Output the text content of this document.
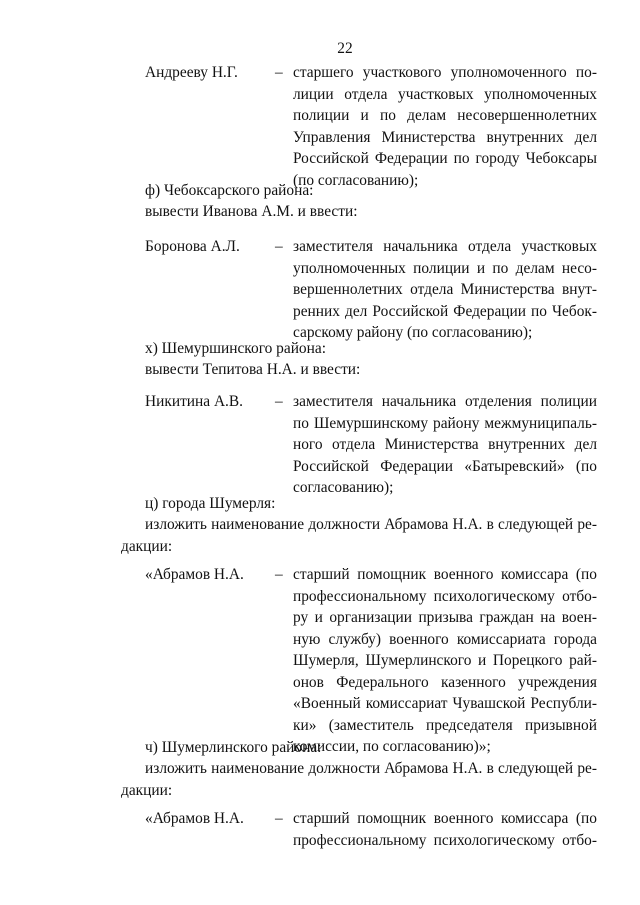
22
Андрееву Н.Г. – старшего участкового уполномоченного по-
лиции отдела участковых уполномоченных
полиции и по делам несовершеннолетних
Управления Министерства внутренних дел
Российской Федерации по городу Чебоксары
(по согласованию);
ф) Чебоксарского района:
вывести Иванова А.М. и ввести:
Боронова А.Л. – заместителя начальника отдела участковых
уполномоченных полиции и по делам несо-
вершеннолетних отдела Министерства внут-
ренних дел Российской Федерации по Чебок-
сарскому району (по согласованию);
х) Шемуршинского района:
вывести Тепитова Н.А. и ввести:
Никитина А.В. – заместителя начальника отделения полиции
по Шемуршинскому району межмуниципаль-
ного отдела Министерства внутренних дел
Российской Федерации «Батыревский» (по
согласованию);
ц) города Шумерля:
изложить наименование должности Абрамова Н.А. в следующей ре-
дакции:
«Абрамов Н.А. – старший помощник военного комиссара (по
профессиональному психологическому отбо-
ру и организации призыва граждан на воен-
ную службу) военного комиссариата города
Шумерля, Шумерлинского и Порецкого рай-
онов Федерального казенного учреждения
«Военный комиссариат Чувашской Республи-
ки» (заместитель председателя призывной
комиссии, по согласованию)»;
ч) Шумерлинского района:
изложить наименование должности Абрамова Н.А. в следующей ре-
дакции:
«Абрамов Н.А. – старший помощник военного комиссара (по
профессиональному психологическому отбо-
